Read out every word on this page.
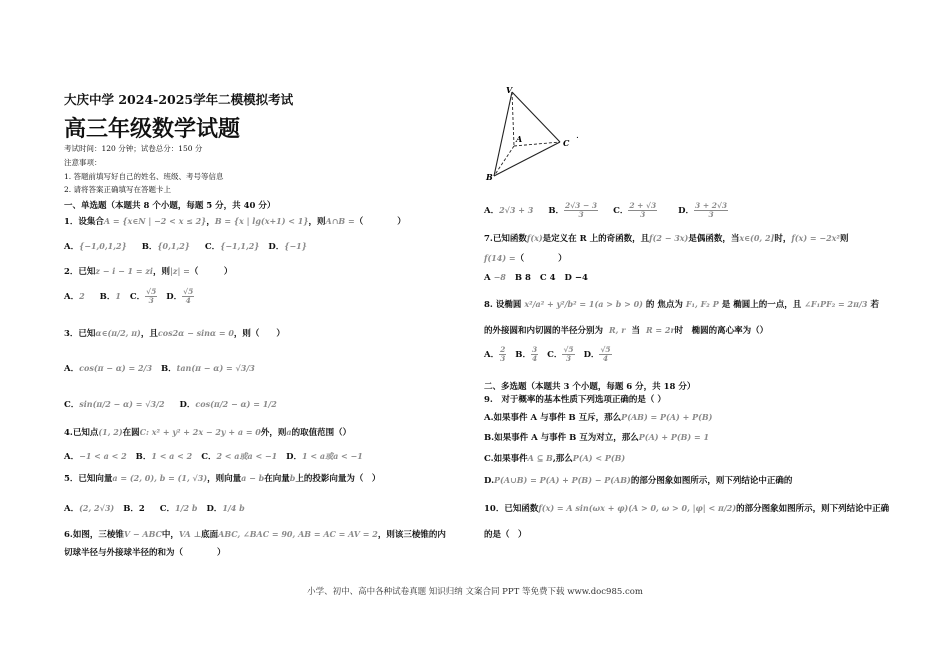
大庆中学 2024-2025学年二模模拟考试
高三年级数学试题
考试时间：120 分钟；试卷总分：150 分
注意事项：
1. 答题前填写好自己的姓名、班级、考号等信息
2. 请将答案正确填写在答题卡上
一、单选题（本题共 8 个小题，每题 5 分，共 40 分）
1．设集合A = {x∈N | −2 < x ≤ 2}，B = {x | lg(x+1) < 1}，则A∩B =（　　　　）
A．{−1,0,1,2} B．{0,1,2} C．{−1,1,2} D．{−1}
2．已知z − i − 1 = zi，则|z| =（　　　）
A．2 B．1 C． $\frac{√5}{3}$ D． $\frac{√5}{4}$
3．已知α∈(π/2, π)，且cos2α − sinα = 0，则（　　）
A．cos(π − α) = 2/3 B．tan(π − α) = √3/3
C．sin(π/2 − α) = √3/2 D．cos(π/2 − α) = 1/2
4.已知点(1, 2)在圆C: x² + y² + 2x − 2y + a = 0外，则a的取值范围（）
A．−1 < a < 2 B．1 < a < 2 C．2 < a或a < −1 D．1 < a或a < −1
5．已知向量a = (2, 0), b = (1, √3)，则向量a − b在向量b上的投影向量为（　）
A．(2, 2√3) B．2 C．1/2 b D．1/4 b
6.如图，三棱锥V − ABC中，VA ⊥底面ABC, ∠BAC = 90, AB = AC = AV = 2，则该三棱锥的内
切球半径与外接球半径的和为（　　　　）
V
A
B
C
.
A．2√3 + 3 B． $\frac{2√3 - 3}{3}$ C． $\frac{2 + √3}{3}$ D． $\frac{3 + 2√3}{3}$
7.已知函数f(x)是定义在 R 上的奇函数，且f(2 − 3x)是偶函数，当x∈(0, 2]时，f(x) = −2x²则
f(14) =（　　　　）
A −8 B 8 C 4 D −4
8. 设椭圆 x²/a² + y²/b² = 1(a > b > 0) 的 焦点为 F₁, F₂ P 是 椭圆上的一点，且 ∠F₁PF₂ = 2π/3 若
的外接圆和内切圆的半径分别为 R, r 当 R = 2r时　椭圆的离心率为（）
A． $\frac{2}{3}$ B． $\frac{3}{4}$ C． $\frac{√5}{3}$ D． $\frac{√5}{4}$
二、多选题（本题共 3 个小题，每题 6 分，共 18 分）
9.　对于概率的基本性质下列选项正确的是（ ）
A.如果事件 A 与事件 B 互斥，那么P(AB) = P(A) + P(B)
B.如果事件 A 与事件 B 互为对立，那么P(A) + P(B) = 1
C.如果事件A ⊆ B,那么P(A) < P(B)
D.P(A∪B) = P(A) + P(B) − P(AB)的部分图象如图所示，则下列结论中正确的
10．已知函数f(x) = A sin(ωx + φ)(A > 0, ω > 0, |φ| < π/2)的部分图象如图所示，则下列结论中正确
的是（　）
小学、初中、高中各种试卷真题 知识归纳 文案合同 PPT 等免费下载 www.doc985.com
